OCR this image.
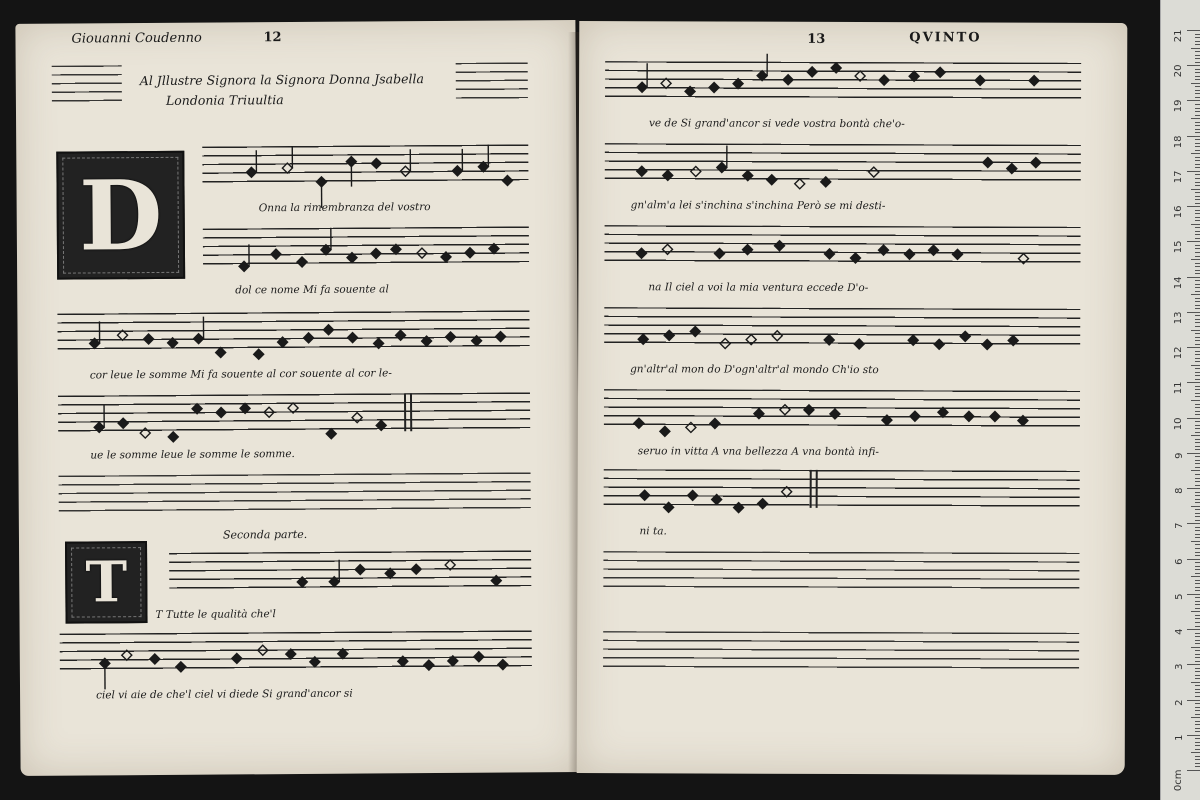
Giouanni Coudenno	12
Al Jllustre Signora la Signora Donna Jsabella
Londonia Triuultia
D	Onna la rimembranza del vostro
dol ce nome Mi fa souente al
cor leue le somme Mi fa souente al cor souente al cor le-
ue le somme leue le somme le somme.
Seconda parte.
T	T Tutte le qualità che'l
ciel vi aie de che'l ciel vi diede Si grand'ancor si
13	QVINTO
ve de Si grand'ancor si vede vostra bontà che'o-
gn'alm'a lei s'inchina s'inchina Però se mi desti-
na Il ciel a voi la mia ventura eccede D'o-
gn'altr'al mon do D'ogn'altr'al mondo Ch'io sto
seruo in vitta A vna bellezza A vna bontà infi-
ni ta.
0cm
1
2
3
4
5
6
7
8
9
10
11
12
13
14
15
16
17
18
19
20
21
